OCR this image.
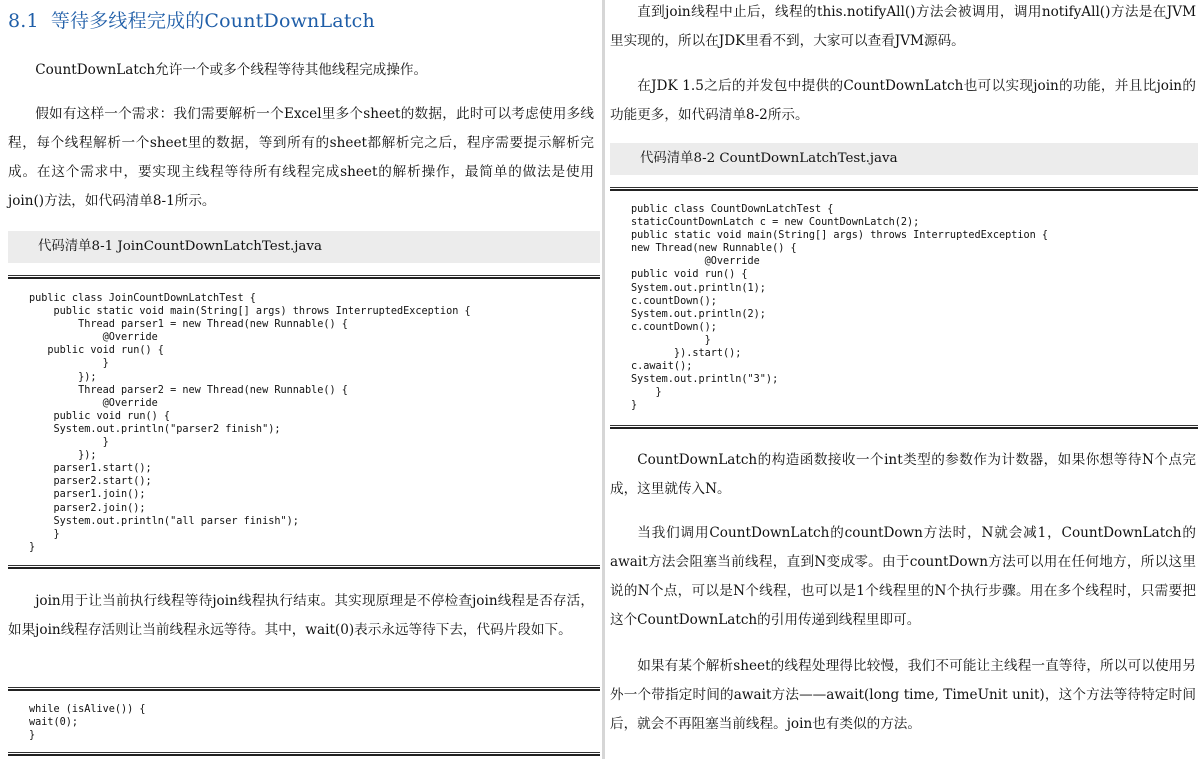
8.1 等待多线程完成的CountDownLatch
CountDownLatch允许一个或多个线程等待其他线程完成操作。
假如有这样一个需求：我们需要解析一个Excel里多个sheet的数据，此时可以考虑使用多线程，每个线程解析一个sheet里的数据，等到所有的sheet都解析完之后，程序需要提示解析完成。在这个需求中，要实现主线程等待所有线程完成sheet的解析操作，最简单的做法是使用join()方法，如代码清单8-1所示。
代码清单8-1 JoinCountDownLatchTest.java
public class JoinCountDownLatchTest {
public static void main(String[] args) throws InterruptedException {
Thread parser1 = new Thread(new Runnable() {
@Override
public void run() {
}
});
Thread parser2 = new Thread(new Runnable() {
@Override
public void run() {
System.out.println("parser2 finish");
}
});
parser1.start();
parser2.start();
parser1.join();
parser2.join();
System.out.println("all parser finish");
}
}
join用于让当前执行线程等待join线程执行结束。其实现原理是不停检查join线程是否存活，如果join线程存活则让当前线程永远等待。其中，wait(0)表示永远等待下去，代码片段如下。
while (isAlive()) {
wait(0);
}
直到join线程中止后，线程的this.notifyAll()方法会被调用，调用notifyAll()方法是在JVM里实现的，所以在JDK里看不到，大家可以查看JVM源码。
在JDK 1.5之后的并发包中提供的CountDownLatch也可以实现join的功能，并且比join的功能更多，如代码清单8-2所示。
代码清单8-2 CountDownLatchTest.java
public class CountDownLatchTest {
staticCountDownLatch c = new CountDownLatch(2);
public static void main(String[] args) throws InterruptedException {
new Thread(new Runnable() {
@Override
public void run() {
System.out.println(1);
c.countDown();
System.out.println(2);
c.countDown();
}
}).start();
c.await();
System.out.println("3");
}
}
CountDownLatch的构造函数接收一个int类型的参数作为计数器，如果你想等待N个点完成，这里就传入N。
当我们调用CountDownLatch的countDown方法时，N就会减1，CountDownLatch的await方法会阻塞当前线程，直到N变成零。由于countDown方法可以用在任何地方，所以这里说的N个点，可以是N个线程，也可以是1个线程里的N个执行步骤。用在多个线程时，只需要把这个CountDownLatch的引用传递到线程里即可。
如果有某个解析sheet的线程处理得比较慢，我们不可能让主线程一直等待，所以可以使用另外一个带指定时间的await方法——await(long time, TimeUnit unit)，这个方法等待特定时间后，就会不再阻塞当前线程。join也有类似的方法。
